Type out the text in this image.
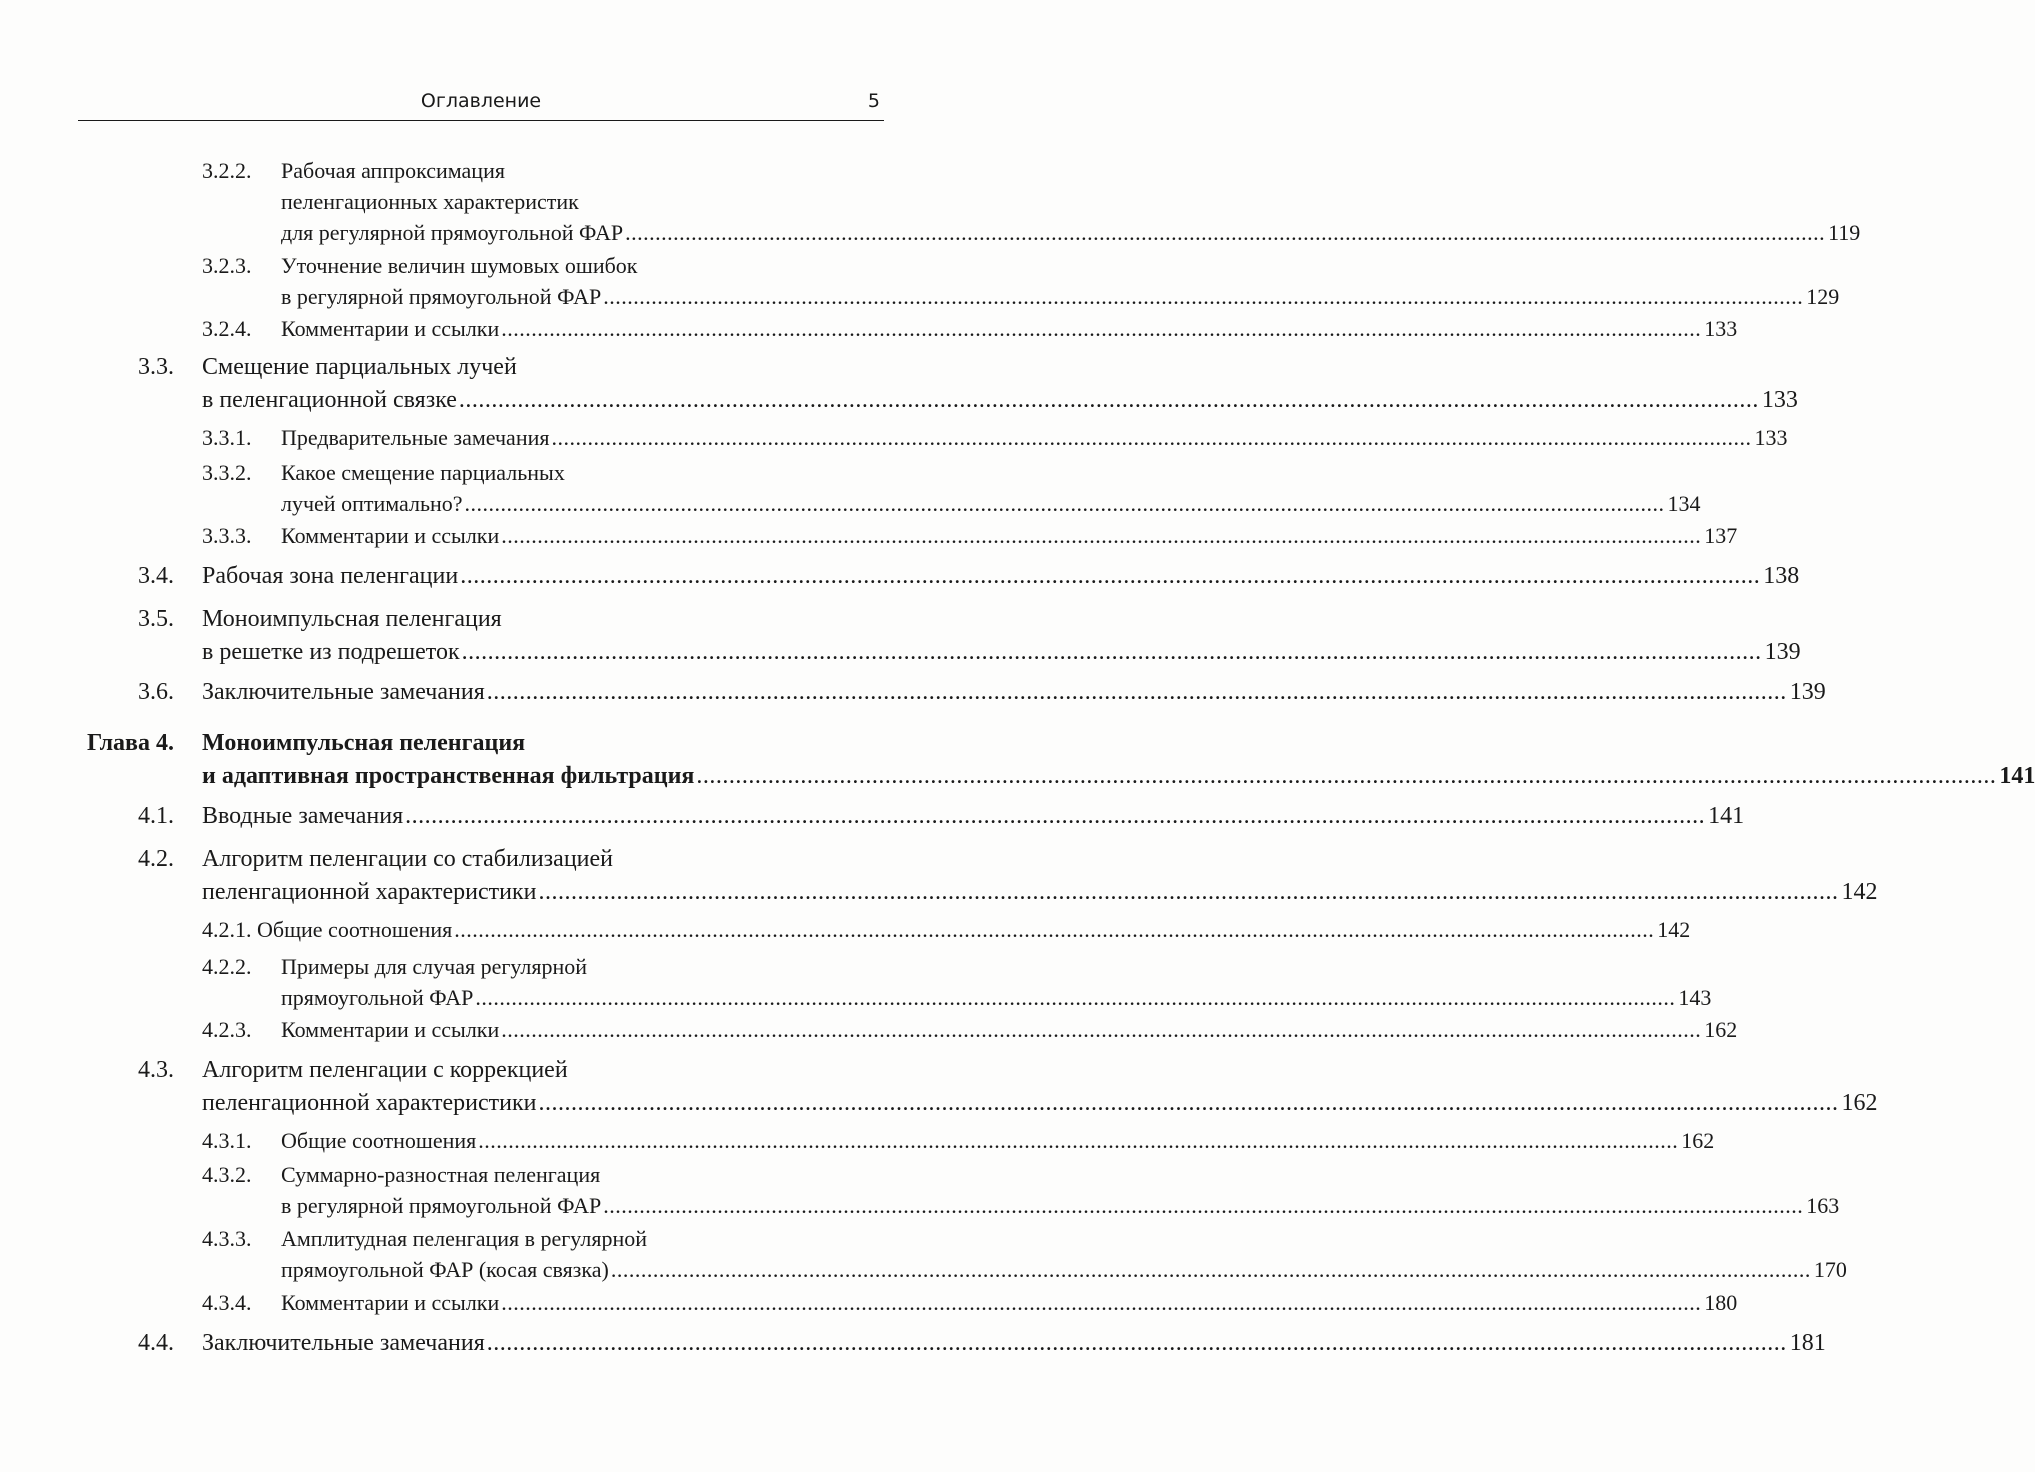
Оглавление	5
3.2.2. Рабочая аппроксимация
пеленгационных характеристик
для регулярной прямоугольной ФАР ........................................................................................................................................................................................................ 119
3.2.3. Уточнение величин шумовых ошибок
в регулярной прямоугольной ФАР ........................................................................................................................................................................................................ 129
3.2.4. Комментарии и ссылки ........................................................................................................................................................................................................ 133
3.3. Смещение парциальных лучей
в пеленгационной связке ........................................................................................................................................................................................................ 133
3.3.1. Предварительные замечания ........................................................................................................................................................................................................ 133
3.3.2. Какое смещение парциальных
лучей оптимально? ........................................................................................................................................................................................................ 134
3.3.3. Комментарии и ссылки ........................................................................................................................................................................................................ 137
3.4. Рабочая зона пеленгации ........................................................................................................................................................................................................ 138
3.5. Моноимпульсная пеленгация
в решетке из подрешеток ........................................................................................................................................................................................................ 139
3.6. Заключительные замечания ........................................................................................................................................................................................................ 139
Глава 4. Моноимпульсная пеленгация
и адаптивная пространственная фильтрация ........................................................................................................................................................................................................ 141
4.1. Вводные замечания ........................................................................................................................................................................................................ 141
4.2. Алгоритм пеленгации со стабилизацией
пеленгационной характеристики ........................................................................................................................................................................................................ 142
4.2.1. Общие соотношения ........................................................................................................................................................................................................ 142
4.2.2. Примеры для случая регулярной
прямоугольной ФАР ........................................................................................................................................................................................................ 143
4.2.3. Комментарии и ссылки ........................................................................................................................................................................................................ 162
4.3. Алгоритм пеленгации с коррекцией
пеленгационной характеристики ........................................................................................................................................................................................................ 162
4.3.1. Общие соотношения ........................................................................................................................................................................................................ 162
4.3.2. Суммарно-разностная пеленгация
в регулярной прямоугольной ФАР ........................................................................................................................................................................................................ 163
4.3.3. Амплитудная пеленгация в регулярной
прямоугольной ФАР (косая связка) ........................................................................................................................................................................................................ 170
4.3.4. Комментарии и ссылки ........................................................................................................................................................................................................ 180
4.4. Заключительные замечания ........................................................................................................................................................................................................ 181
